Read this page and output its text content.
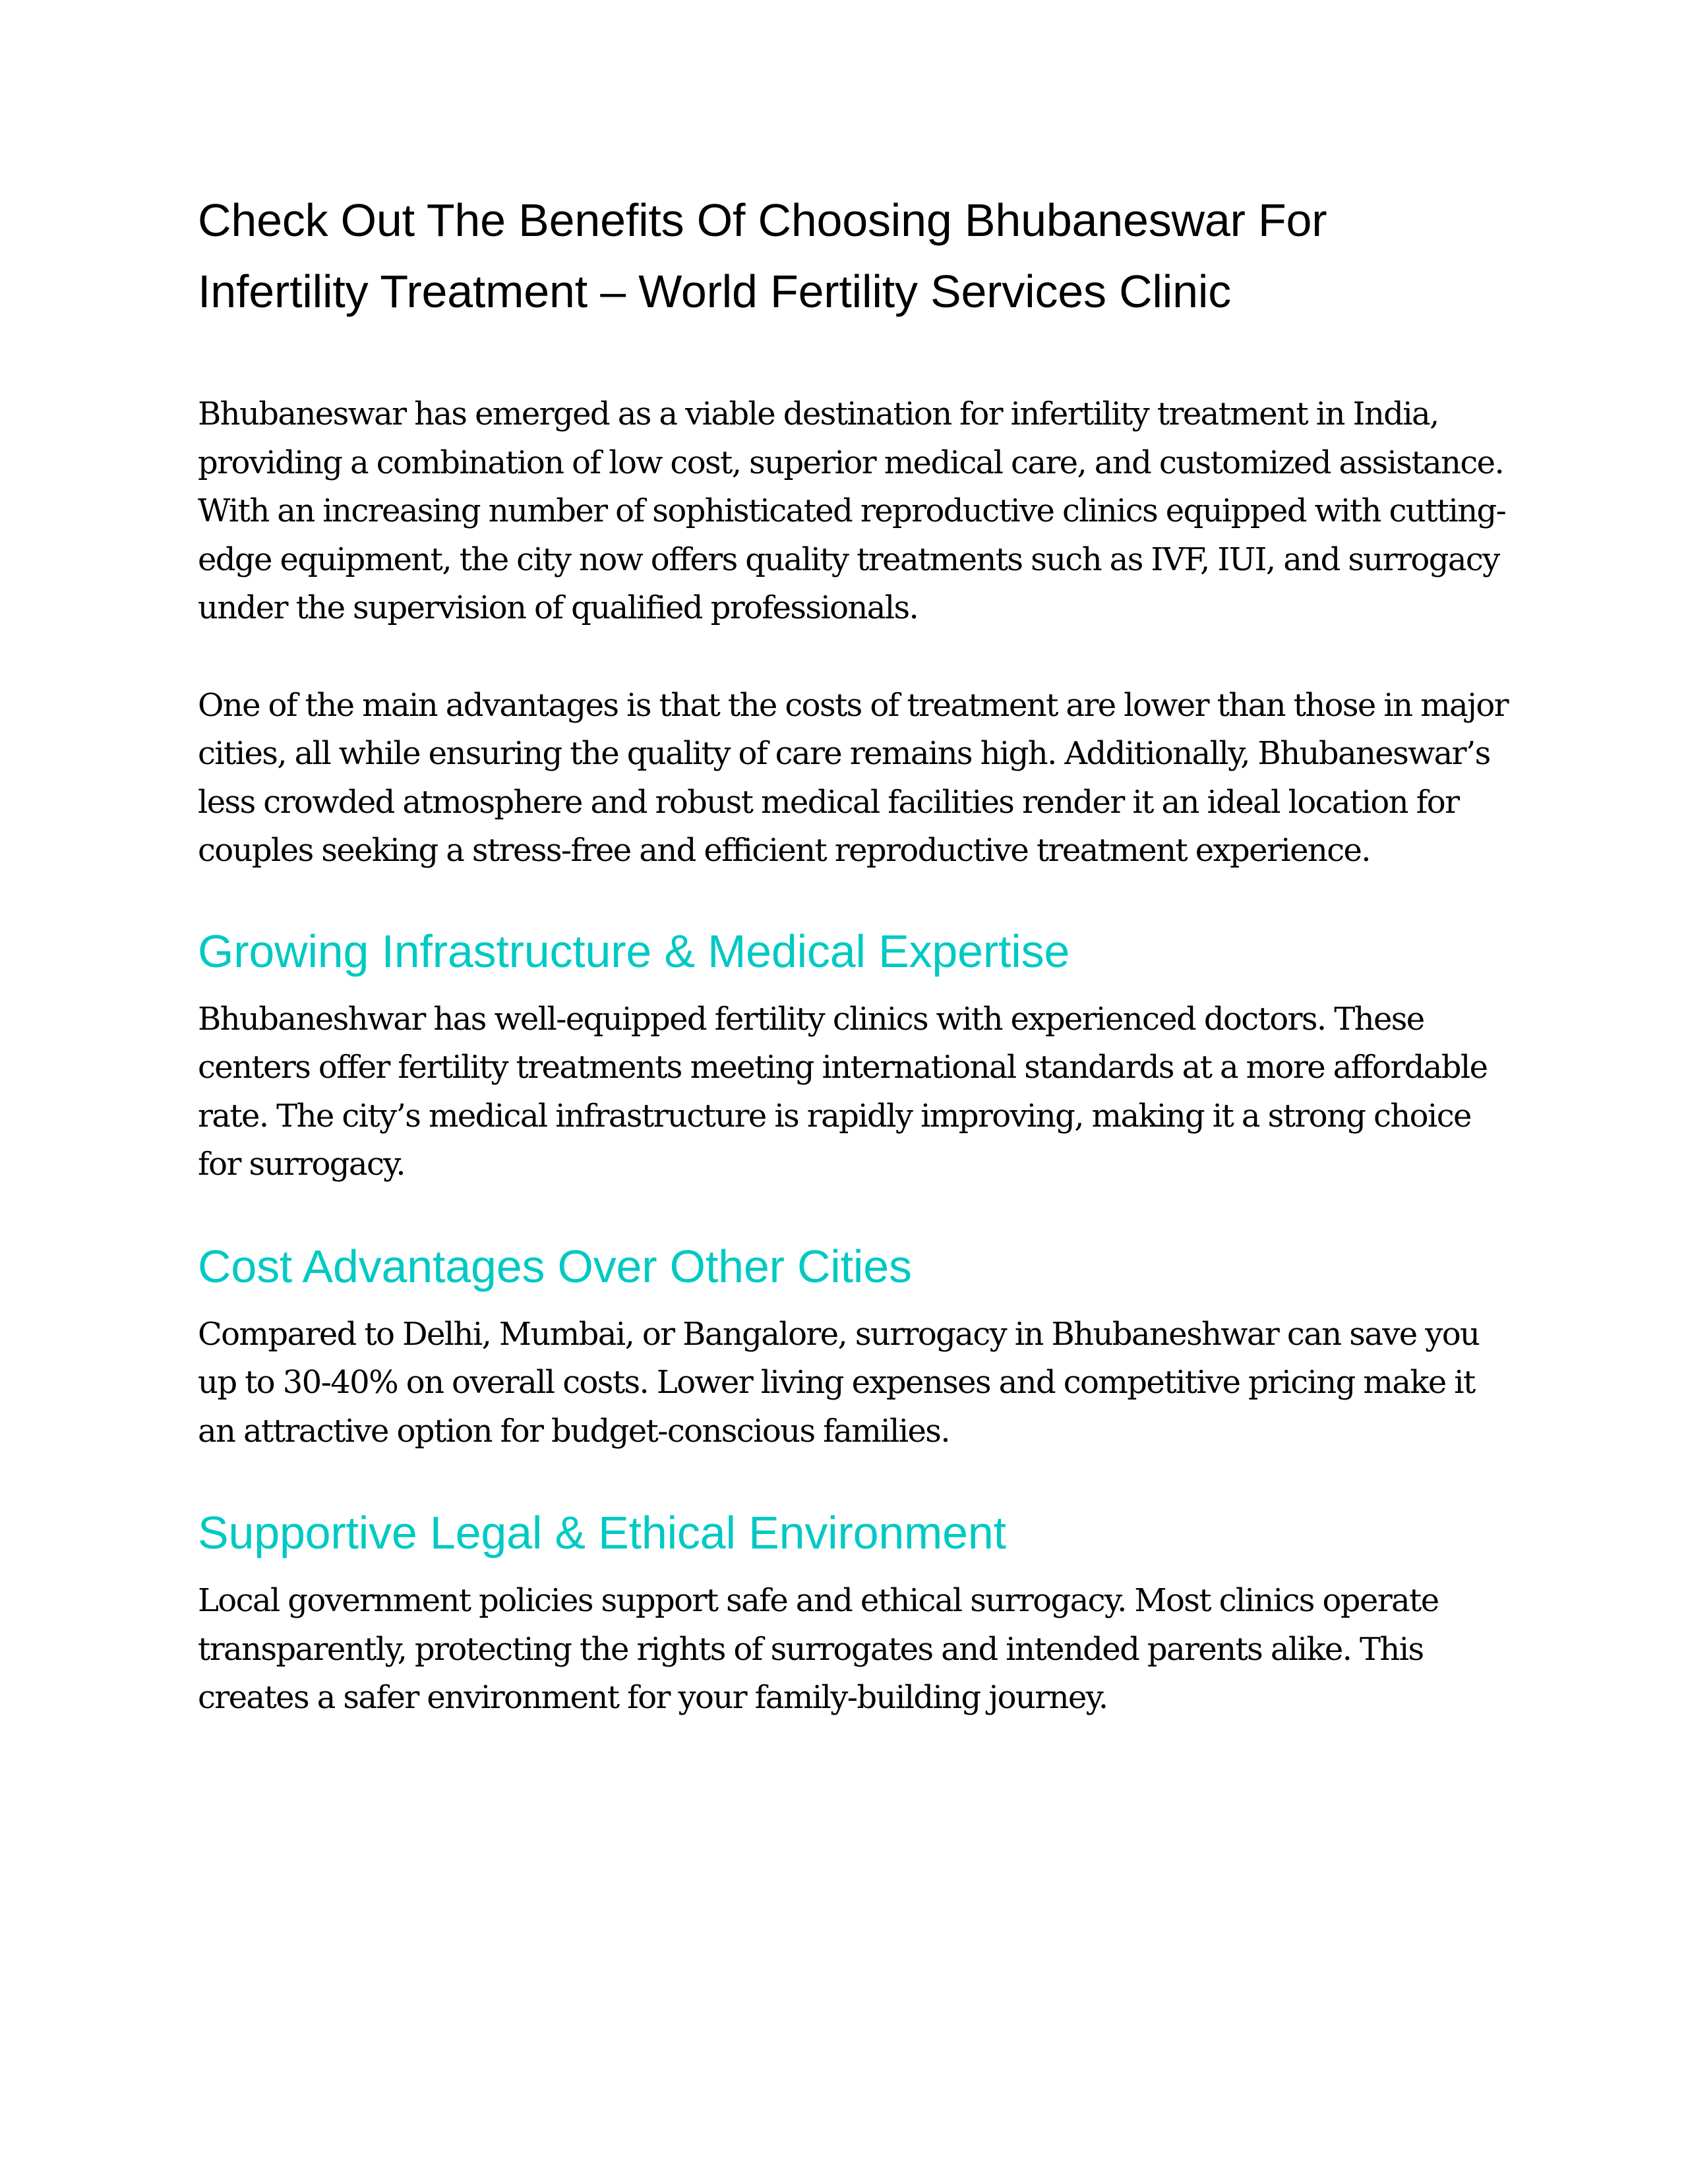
Check Out The Benefits Of Choosing Bhubaneswar For Infertility Treatment – World Fertility Services Clinic

Bhubaneswar has emerged as a viable destination for infertility treatment in India, providing a combination of low cost, superior medical care, and customized assistance. With an increasing number of sophisticated reproductive clinics equipped with cutting-edge equipment, the city now offers quality treatments such as IVF, IUI, and surrogacy under the supervision of qualified professionals.

One of the main advantages is that the costs of treatment are lower than those in major cities, all while ensuring the quality of care remains high. Additionally, Bhubaneswar’s less crowded atmosphere and robust medical facilities render it an ideal location for couples seeking a stress-free and efficient reproductive treatment experience.

Growing Infrastructure & Medical Expertise

Bhubaneshwar has well-equipped fertility clinics with experienced doctors. These centers offer fertility treatments meeting international standards at a more affordable rate. The city’s medical infrastructure is rapidly improving, making it a strong choice for surrogacy.

Cost Advantages Over Other Cities

Compared to Delhi, Mumbai, or Bangalore, surrogacy in Bhubaneshwar can save you up to 30-40% on overall costs. Lower living expenses and competitive pricing make it an attractive option for budget-conscious families.

Supportive Legal & Ethical Environment

Local government policies support safe and ethical surrogacy. Most clinics operate transparently, protecting the rights of surrogates and intended parents alike. This creates a safer environment for your family-building journey.
